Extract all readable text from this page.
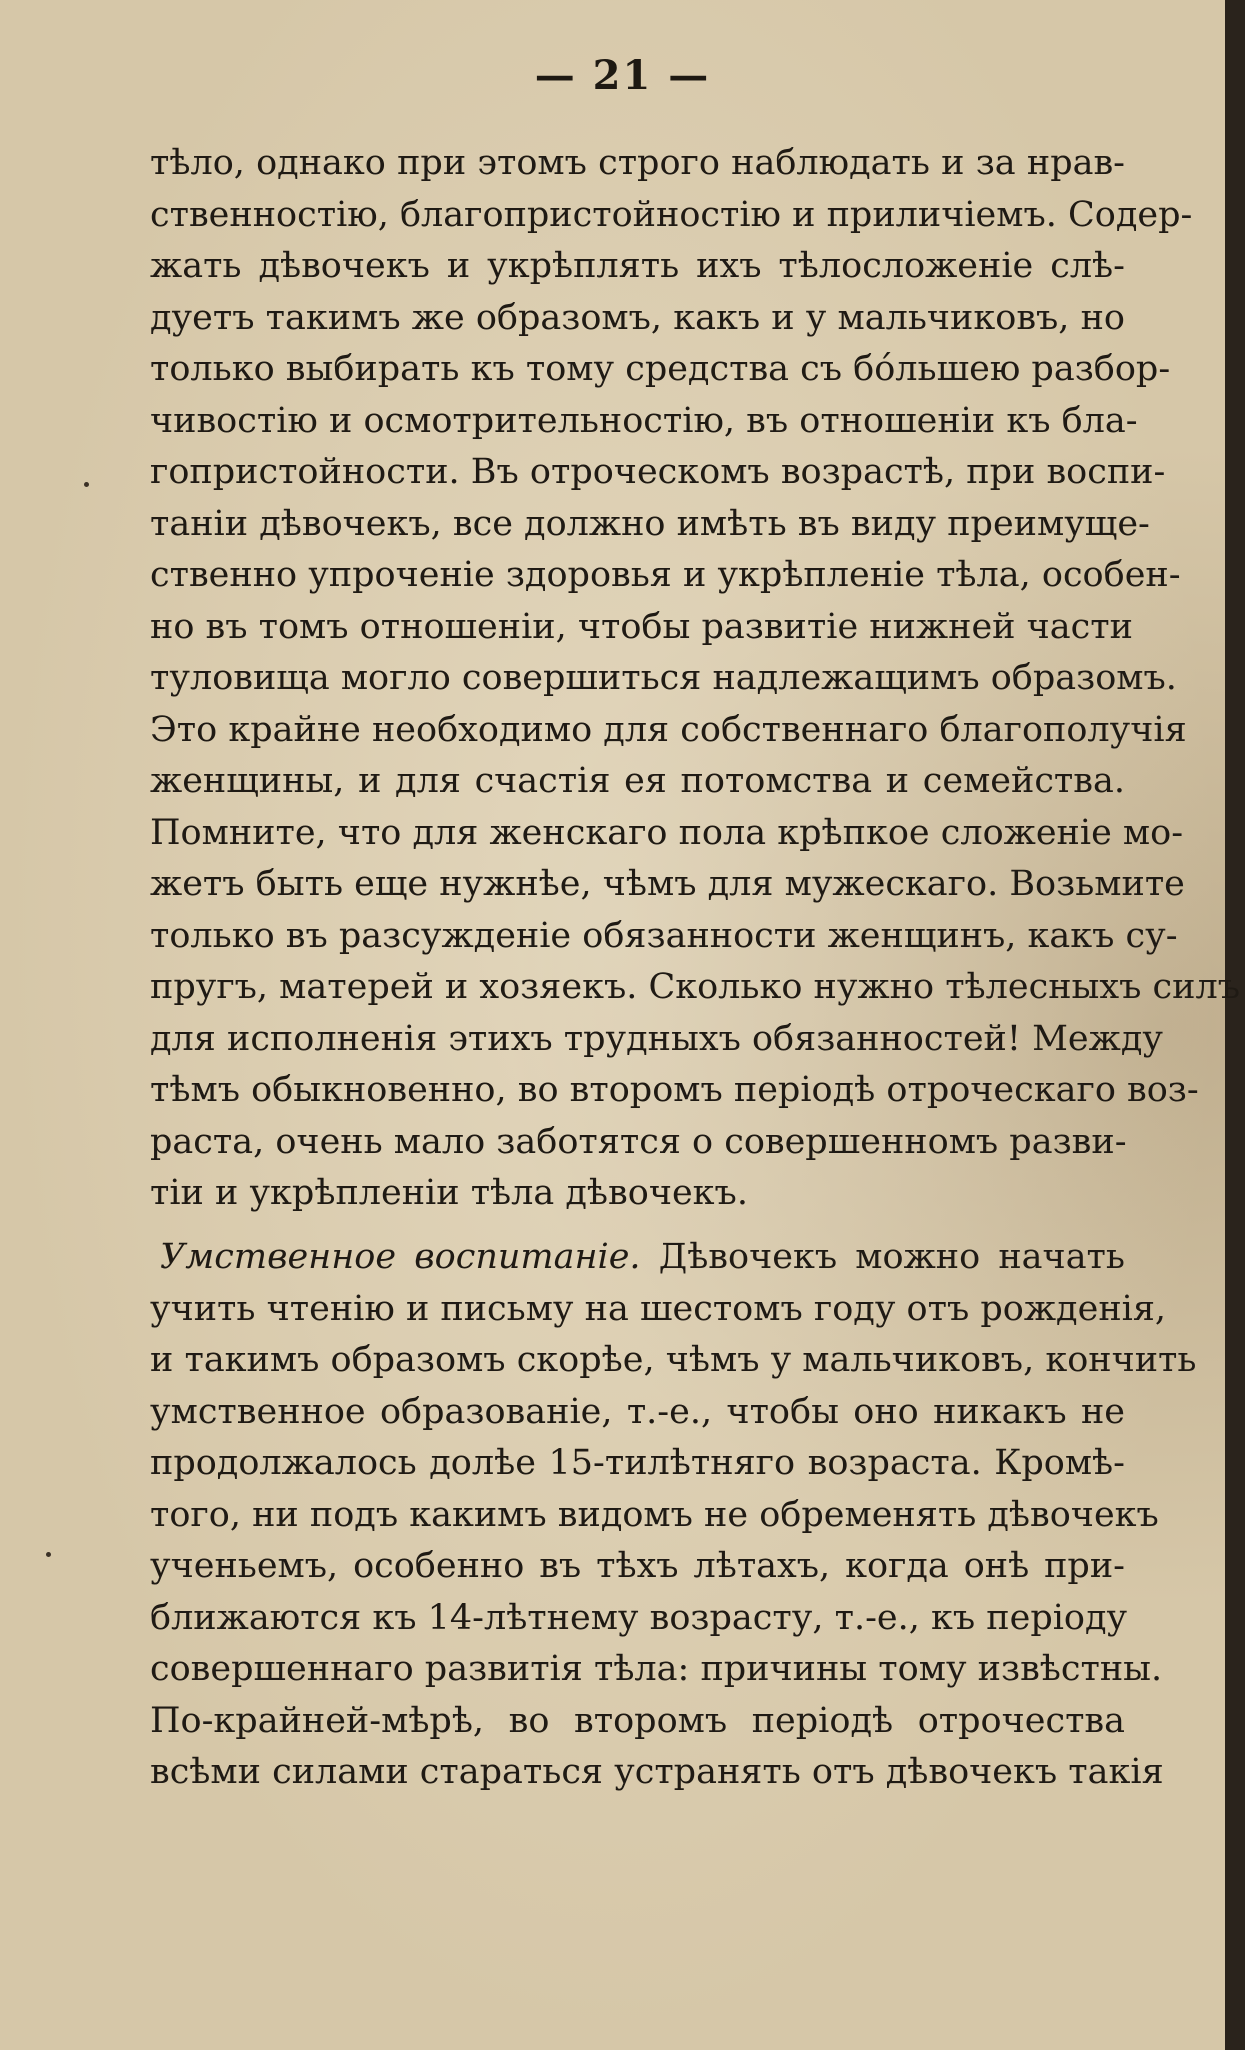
— 21 —
тѣло, однако при этомъ строго наблюдать и за нрав-
ственностію, благопристойностію и приличіемъ. Содер-
жать дѣвочекъ и укрѣплять ихъ тѣлосложеніе слѣ-
дуетъ такимъ же образомъ, какъ и у мальчиковъ, но
только выбирать къ тому средства съ бо́льшею разбор-
чивостію и осмотрительностію, въ отношеніи къ бла-
гопристойности. Въ отроческомъ возрастѣ, при воспи-
таніи дѣвочекъ, все должно имѣть въ виду преимуще-
ственно упроченіе здоровья и укрѣпленіе тѣла, особен-
но въ томъ отношеніи, чтобы развитіе нижней части
туловища могло совершиться надлежащимъ образомъ.
Это крайне необходимо для собственнаго благополучія
женщины, и для счастія ея потомства и семейства.
Помните, что для женскаго пола крѣпкое сложеніе мо-
жетъ быть еще нужнѣе, чѣмъ для мужескаго. Возьмите
только въ разсужденіе обязанности женщинъ, какъ су-
пругъ, матерей и хозяекъ. Сколько нужно тѣлесныхъ силъ
для исполненія этихъ трудныхъ обязанностей! Между
тѣмъ обыкновенно, во второмъ періодѣ отроческаго воз-
раста, очень мало заботятся о совершенномъ разви-
тіи и укрѣпленіи тѣла дѣвочекъ.
Умственное воспитаніе. Дѣвочекъ можно начать
учить чтенію и письму на шестомъ году отъ рожденія,
и такимъ образомъ скорѣе, чѣмъ у мальчиковъ, кончить
умственное образованіе, т.-е., чтобы оно никакъ не
продолжалось долѣе 15-тилѣтняго возраста. Кромѣ-
того, ни подъ какимъ видомъ не обременять дѣвочекъ
ученьемъ, особенно въ тѣхъ лѣтахъ, когда онѣ при-
ближаются къ 14-лѣтнему возрасту, т.-е., къ періоду
совершеннаго развитія тѣла: причины тому извѣстны.
По-крайней-мѣрѣ, во второмъ періодѣ отрочества
всѣми силами стараться устранять отъ дѣвочекъ такія
